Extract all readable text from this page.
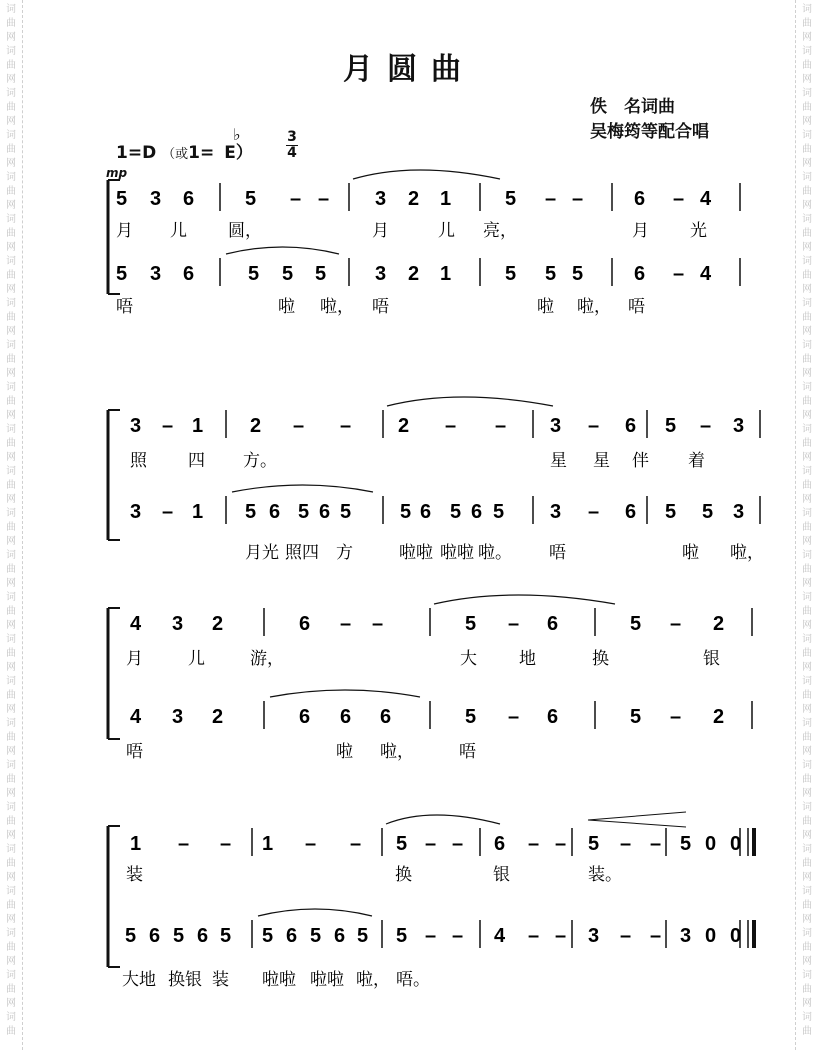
词
曲
网
词
曲
网
词
曲
网
词
曲
网
词
曲
网
词
曲
网
词
曲
网
词
曲
网
词
曲
网
词
曲
网
词
曲
网
词
曲
网
词
曲
网
词
曲
网
词
曲
网
词
曲
网
词
曲
网
词
曲
网
词
曲
网
词
曲
网
词
曲
网
词
曲
网
词
曲
网
词
曲
网
词
曲
词
曲
网
词
曲
网
词
曲
网
词
曲
网
词
曲
网
词
曲
网
词
曲
网
词
曲
网
词
曲
网
词
曲
网
词
曲
网
词
曲
网
词
曲
网
词
曲
网
词
曲
网
词
曲
网
词
曲
网
词
曲
网
词
曲
网
词
曲
网
词
曲
网
词
曲
网
词
曲
网
词
曲
网
词
曲
月圆曲
佚　名词曲
吴梅筠等配合唱
1=D （或1= E）
♭	3
4
mp
5 3 6	5 – – 3 2 1	5 – –	6 – 4
5 3 6	5 5 5 3 2 1	5 5 5	6 – 4
月 儿 圆，	月	儿 亮，	月 光
唔	啦 啦， 唔	啦 啦， 唔
3 – 1 2 – – 2 – – 3 – 6 5 – 3
3 – 1 5 6 5 6 5 5 6 5 6 5 3 – 6 5 5 3
照 四 方。	星 星 伴 着
月光 照四 方	啦啦 啦啦 啦。 唔	啦 啦，
4 3 2	6 – –	5 – 6	5 – 2
4 3 2	6 6 6	5 – 6	5 – 2
月	儿	游，	大 地	换	银
唔	啦 啦，	唔
1 – – 1 – – 5 – – 6 – – 5 – – 5 0 0
5 6 5 6 5 5 6 5 6 5 5 – – 4 – – 3 – – 3 0 0
装	换	银	装。
大地 换银 装 啦啦 啦啦 啦， 唔。
